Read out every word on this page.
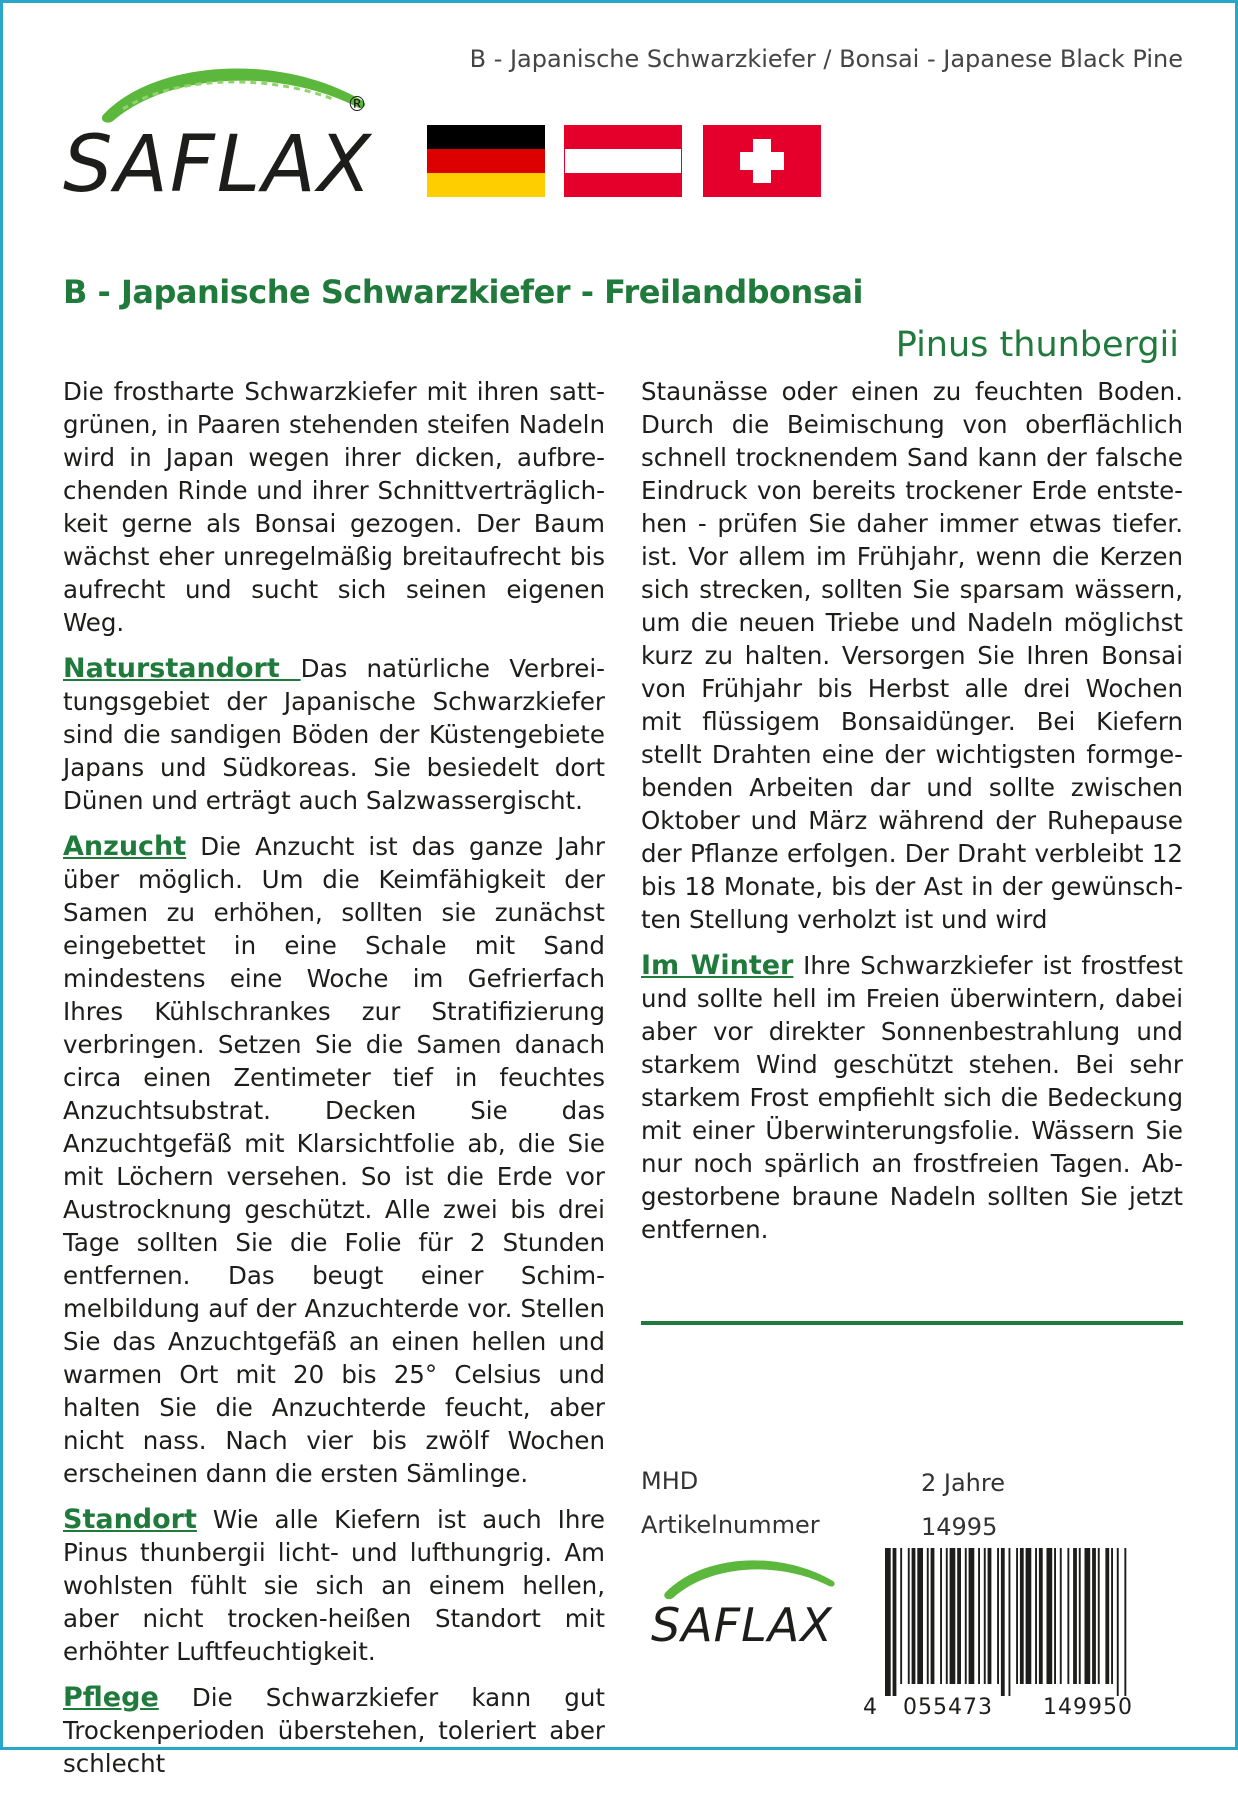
B - Japanische Schwarzkiefer / Bonsai - Japanese Black Pine
SAFLAX
®
B - Japanische Schwarzkiefer - Freilandbonsai
Pinus thunbergii

Die frostharte Schwarzkiefer mit ihren sattgrünen, in Paaren stehenden steifen Nadeln wird in Japan wegen ihrer dicken, aufbrechenden Rinde und ihrer Schnittverträglichkeit gerne als Bonsai gezogen. Der Baum wächst eher unregelmäßig breitaufrecht bis aufrecht und sucht sich seinen eigenen Weg.

Naturstandort Das natürliche Verbreitungsgebiet der Japanische Schwarzkiefer sind die sandigen Böden der Küstengebiete Japans und Südkoreas. Sie besiedelt dort Dünen und erträgt auch Salzwassergischt.

Anzucht Die Anzucht ist das ganze Jahr über möglich. Um die Keimfähigkeit der Samen zu erhöhen, sollten sie zunächst eingebettet in eine Schale mit Sand mindestens eine Woche im Gefrierfach Ihres Kühlschrankes zur Stratifizierung verbringen. Setzen Sie die Samen danach circa einen Zentimeter tief in feuchtes Anzuchtsubstrat. Decken Sie das Anzuchtgefäß mit Klarsichtfolie ab, die Sie mit Löchern versehen. So ist die Erde vor Austrocknung geschützt. Alle zwei bis drei Tage sollten Sie die Folie für 2 Stunden entfernen. Das beugt einer Schimmelbildung auf der Anzuchterde vor. Stellen Sie das Anzuchtgefäß an einen hellen und warmen Ort mit 20 bis 25° Celsius und halten Sie die Anzuchterde feucht, aber nicht nass. Nach vier bis zwölf Wochen erscheinen dann die ersten Sämlinge.

Standort Wie alle Kiefern ist auch Ihre Pinus thunbergii licht- und lufthungrig. Am wohlsten fühlt sie sich an einem hellen, aber nicht trocken-heißen Standort mit erhöhter Luftfeuchtigkeit.

Pflege Die Schwarzkiefer kann gut Trockenperioden überstehen, toleriert aber schlecht

Staunässe oder einen zu feuchten Boden. Durch die Beimischung von oberflächlich schnell trocknendem Sand kann der falsche Eindruck von bereits trockener Erde entstehen - prüfen Sie daher immer etwas tiefer. ist. Vor allem im Frühjahr, wenn die Kerzen sich strecken, sollten Sie sparsam wässern, um die neuen Triebe und Nadeln möglichst kurz zu halten. Versorgen Sie Ihren Bonsai von Frühjahr bis Herbst alle drei Wochen mit flüssigem Bonsaidünger. Bei Kiefern stellt Drahten eine der wichtigsten formgebenden Arbeiten dar und sollte zwischen Oktober und März während der Ruhepause der Pflanze erfolgen. Der Draht verbleibt 12 bis 18 Monate, bis der Ast in der gewünschten Stellung verholzt ist und wird

Im Winter Ihre Schwarzkiefer ist frostfest und sollte hell im Freien überwintern, dabei aber vor direkter Sonnenbestrahlung und starkem Wind geschützt stehen. Bei sehr starkem Frost empfiehlt sich die Bedeckung mit einer Überwinterungsfolie. Wässern Sie nur noch spärlich an frostfreien Tagen. Abgestorbene braune Nadeln sollten Sie jetzt entfernen.

MHD	2 Jahre
Artikelnummer	14995
SAFLAX
4 055473 149950
